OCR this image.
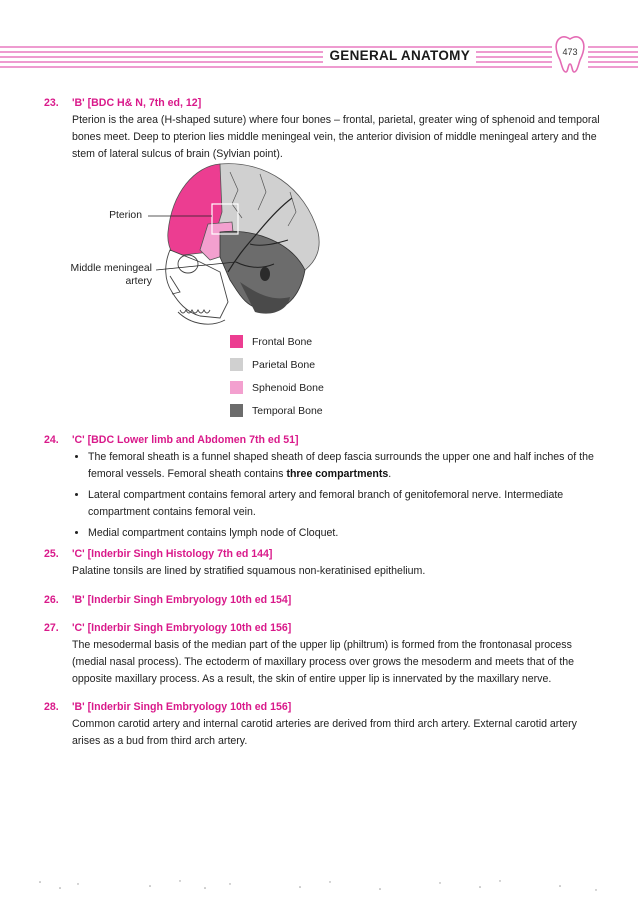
GENERAL ANATOMY	473
23. 'B' [BDC H& N, 7th ed, 12]
Pterion is the area (H-shaped suture) where four bones – frontal, parietal, greater wing of sphenoid and temporal bones meet. Deep to pterion lies middle meningeal vein, the anterior division of middle meningeal artery and the stem of lateral sulcus of brain (Sylvian point).
Pterion
Middle meningeal
artery
Frontal Bone
Parietal Bone
Sphenoid Bone
Temporal Bone
24. 'C' [BDC Lower limb and Abdomen 7th ed 51]
• The femoral sheath is a funnel shaped sheath of deep fascia surrounds the upper one and half inches of the femoral vessels. Femoral sheath contains three compartments.
• Lateral compartment contains femoral artery and femoral branch of genitofemoral nerve. Intermediate compartment contains femoral vein.
• Medial compartment contains lymph node of Cloquet.
25. 'C' [Inderbir Singh Histology 7th ed 144]
Palatine tonsils are lined by stratified squamous non-keratinised epithelium.
26. 'B' [Inderbir Singh Embryology 10th ed 154]
27. 'C' [Inderbir Singh Embryology 10th ed 156]
The mesodermal basis of the median part of the upper lip (philtrum) is formed from the frontonasal process (medial nasal process). The ectoderm of maxillary process over grows the mesoderm and meets that of the opposite maxillary process. As a result, the skin of entire upper lip is innervated by the maxillary nerve.
28. 'B' [Inderbir Singh Embryology 10th ed 156]
Common carotid artery and internal carotid arteries are derived from third arch artery. External carotid artery arises as a bud from third arch artery.
